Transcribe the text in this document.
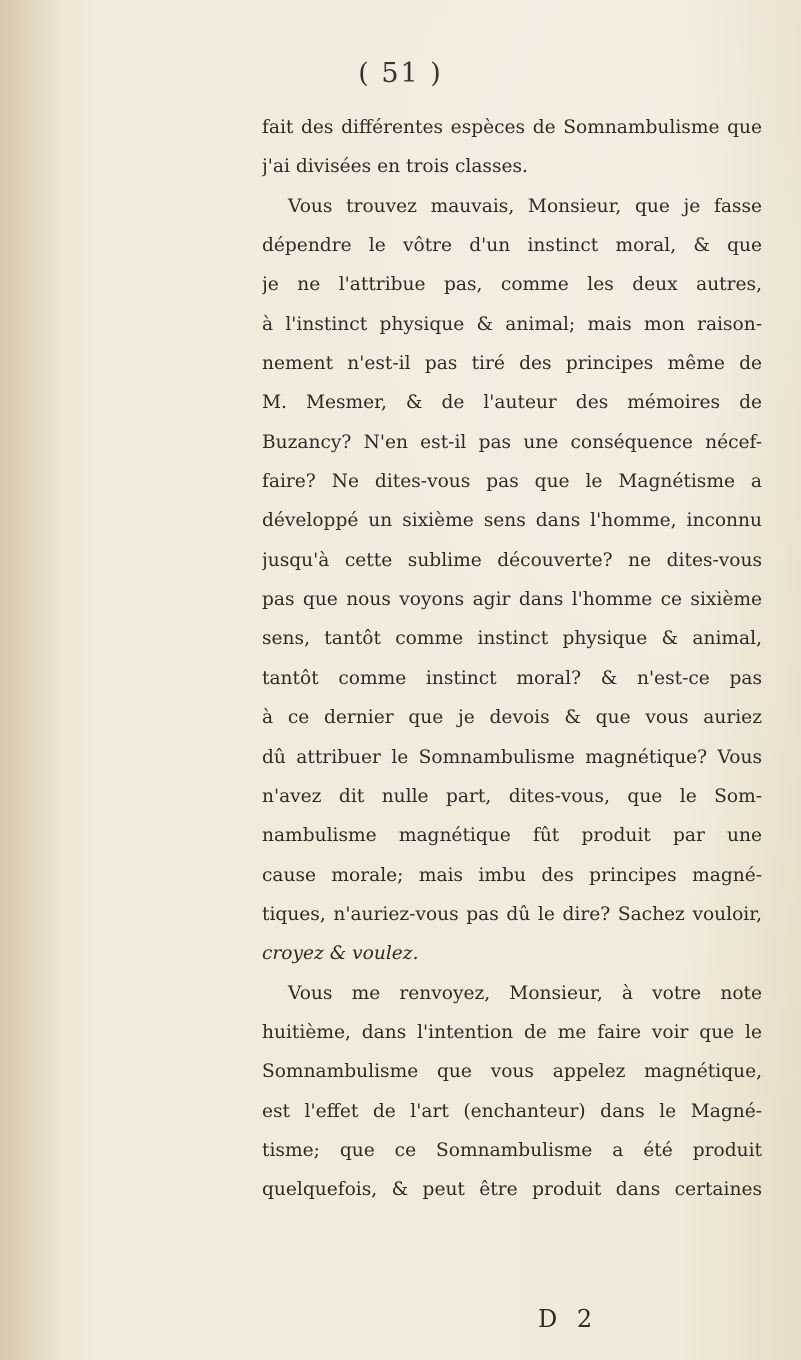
( 51 )
fait des différentes espèces de Somnambulisme que
j'ai divisées en trois classes.
Vous trouvez mauvais, Monsieur, que je fasse
dépendre le vôtre d'un instinct moral, & que
je ne l'attribue pas, comme les deux autres,
à l'instinct physique & animal; mais mon raison-
nement n'est-il pas tiré des principes même de
M. Mesmer, & de l'auteur des mémoires de
Buzancy? N'en est-il pas une conséquence nécef-
faire? Ne dites-vous pas que le Magnétisme a
développé un sixième sens dans l'homme, inconnu
jusqu'à cette sublime découverte? ne dites-vous
pas que nous voyons agir dans l'homme ce sixième
sens, tantôt comme instinct physique & animal,
tantôt comme instinct moral? & n'est-ce pas
à ce dernier que je devois & que vous auriez
dû attribuer le Somnambulisme magnétique? Vous
n'avez dit nulle part, dites-vous, que le Som-
nambulisme magnétique fût produit par une
cause morale; mais imbu des principes magné-
tiques, n'auriez-vous pas dû le dire? Sachez vouloir,
croyez & voulez.
Vous me renvoyez, Monsieur, à votre note
huitième, dans l'intention de me faire voir que le
Somnambulisme que vous appelez magnétique,
est l'effet de l'art (enchanteur) dans le Magné-
tisme; que ce Somnambulisme a été produit
quelquefois, & peut être produit dans certaines
D 2
